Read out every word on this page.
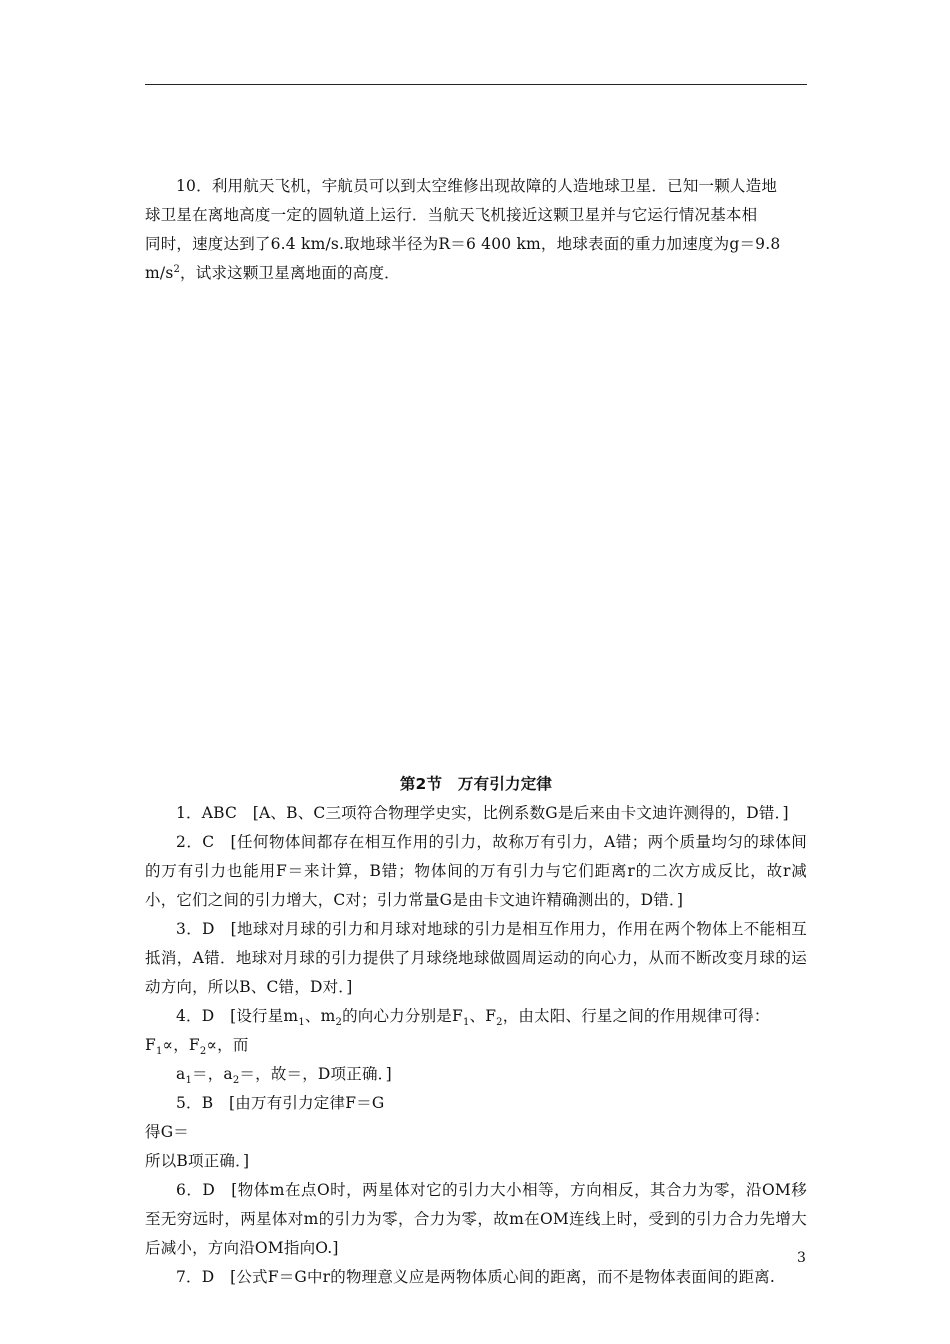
10．利用航天飞机，宇航员可以到太空维修出现故障的人造地球卫星．已知一颗人造地

球卫星在离地高度一定的圆轨道上运行．当航天飞机接近这颗卫星并与它运行情况基本相

同时，速度达到了6.4 km/s.取地球半径为R＝6 400 km，地球表面的重力加速度为g＝9.8

$m/s^2$，试求这颗卫星离地面的高度．

第2节　万有引力定律

1．ABC　[A、B、C三项符合物理学史实，比例系数G是后来由卡文迪许测得的，D错．]

2．C　[任何物体间都存在相互作用的引力，故称万有引力，A错；两个质量均匀的球体间的万有引力也能用F＝来计算，B错；物体间的万有引力与它们距离r的二次方成反比，故r减小，它们之间的引力增大，C对；引力常量G是由卡文迪许精确测出的，D错．]

3．D　[地球对月球的引力和月球对地球的引力是相互作用力，作用在两个物体上不能相互抵消，A错．地球对月球的引力提供了月球绕地球做圆周运动的向心力，从而不断改变月球的运动方向，所以B、C错，D对．]

4．D　[设行星$m_1$、$m_2$的向心力分别是$F_1$、$F_2$，由太阳、行星之间的作用规律可得：

$F_1\propto$，$F_2\propto$，而

$a_1=$，$a_2=$，故＝，D项正确．]

5．B　[由万有引力定律F＝G

得G＝

所以B项正确．]

6．D　[物体m在点O时，两星体对它的引力大小相等，方向相反，其合力为零，沿OM移至无穷远时，两星体对m的引力为零，合力为零，故m在OM连线上时，受到的引力合力先增大后减小，方向沿OM指向O.]

7．D　[公式F＝G中r的物理意义应是两物体质心间的距离，而不是物体表面间的距离.

3
